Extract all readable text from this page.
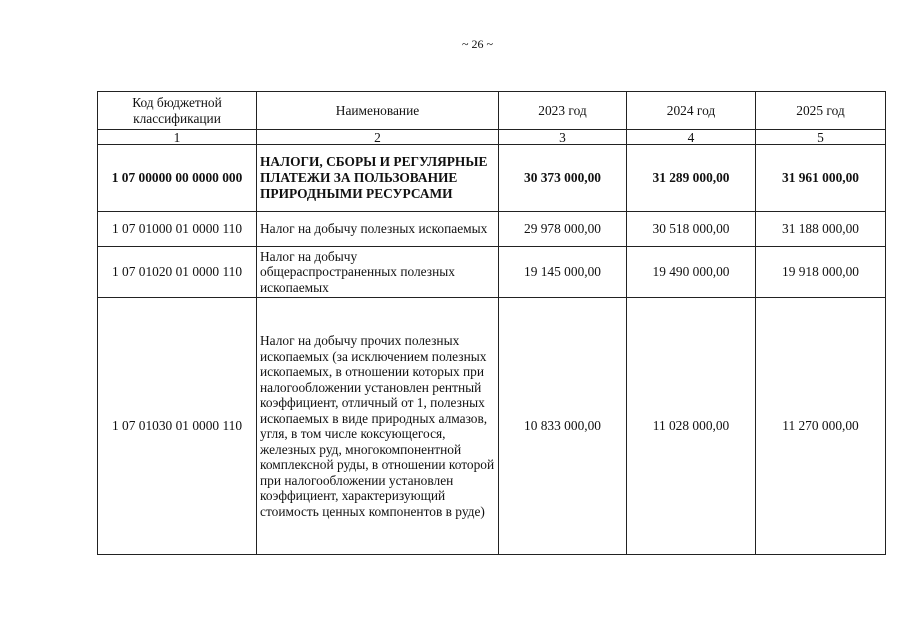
~ 26 ~
Код бюджетной классификации	Наименование	2023 год	2024 год	2025 год
1	2	3	4	5
1 07 00000 00 0000 000	НАЛОГИ, СБОРЫ И РЕГУЛЯРНЫЕ ПЛАТЕЖИ ЗА ПОЛЬЗОВАНИЕ ПРИРОДНЫМИ РЕСУРСАМИ	30 373 000,00	31 289 000,00	31 961 000,00
1 07 01000 01 0000 110	Налог на добычу полезных ископаемых	29 978 000,00	30 518 000,00	31 188 000,00
1 07 01020 01 0000 110	Налог на добычу общераспространенных полезных ископаемых	19 145 000,00	19 490 000,00	19 918 000,00
1 07 01030 01 0000 110	Налог на добычу прочих полезных ископаемых (за исключением полезных ископаемых, в отношении которых при налогообложении установлен рентный коэффициент, отличный от 1, полезных ископаемых в виде природных алмазов, угля, в том числе коксующегося, железных руд, многокомпонентной комплексной руды, в отношении которой при налогообложении установлен коэффициент, характеризующий стоимость ценных компонентов в руде)	10 833 000,00	11 028 000,00	11 270 000,00
